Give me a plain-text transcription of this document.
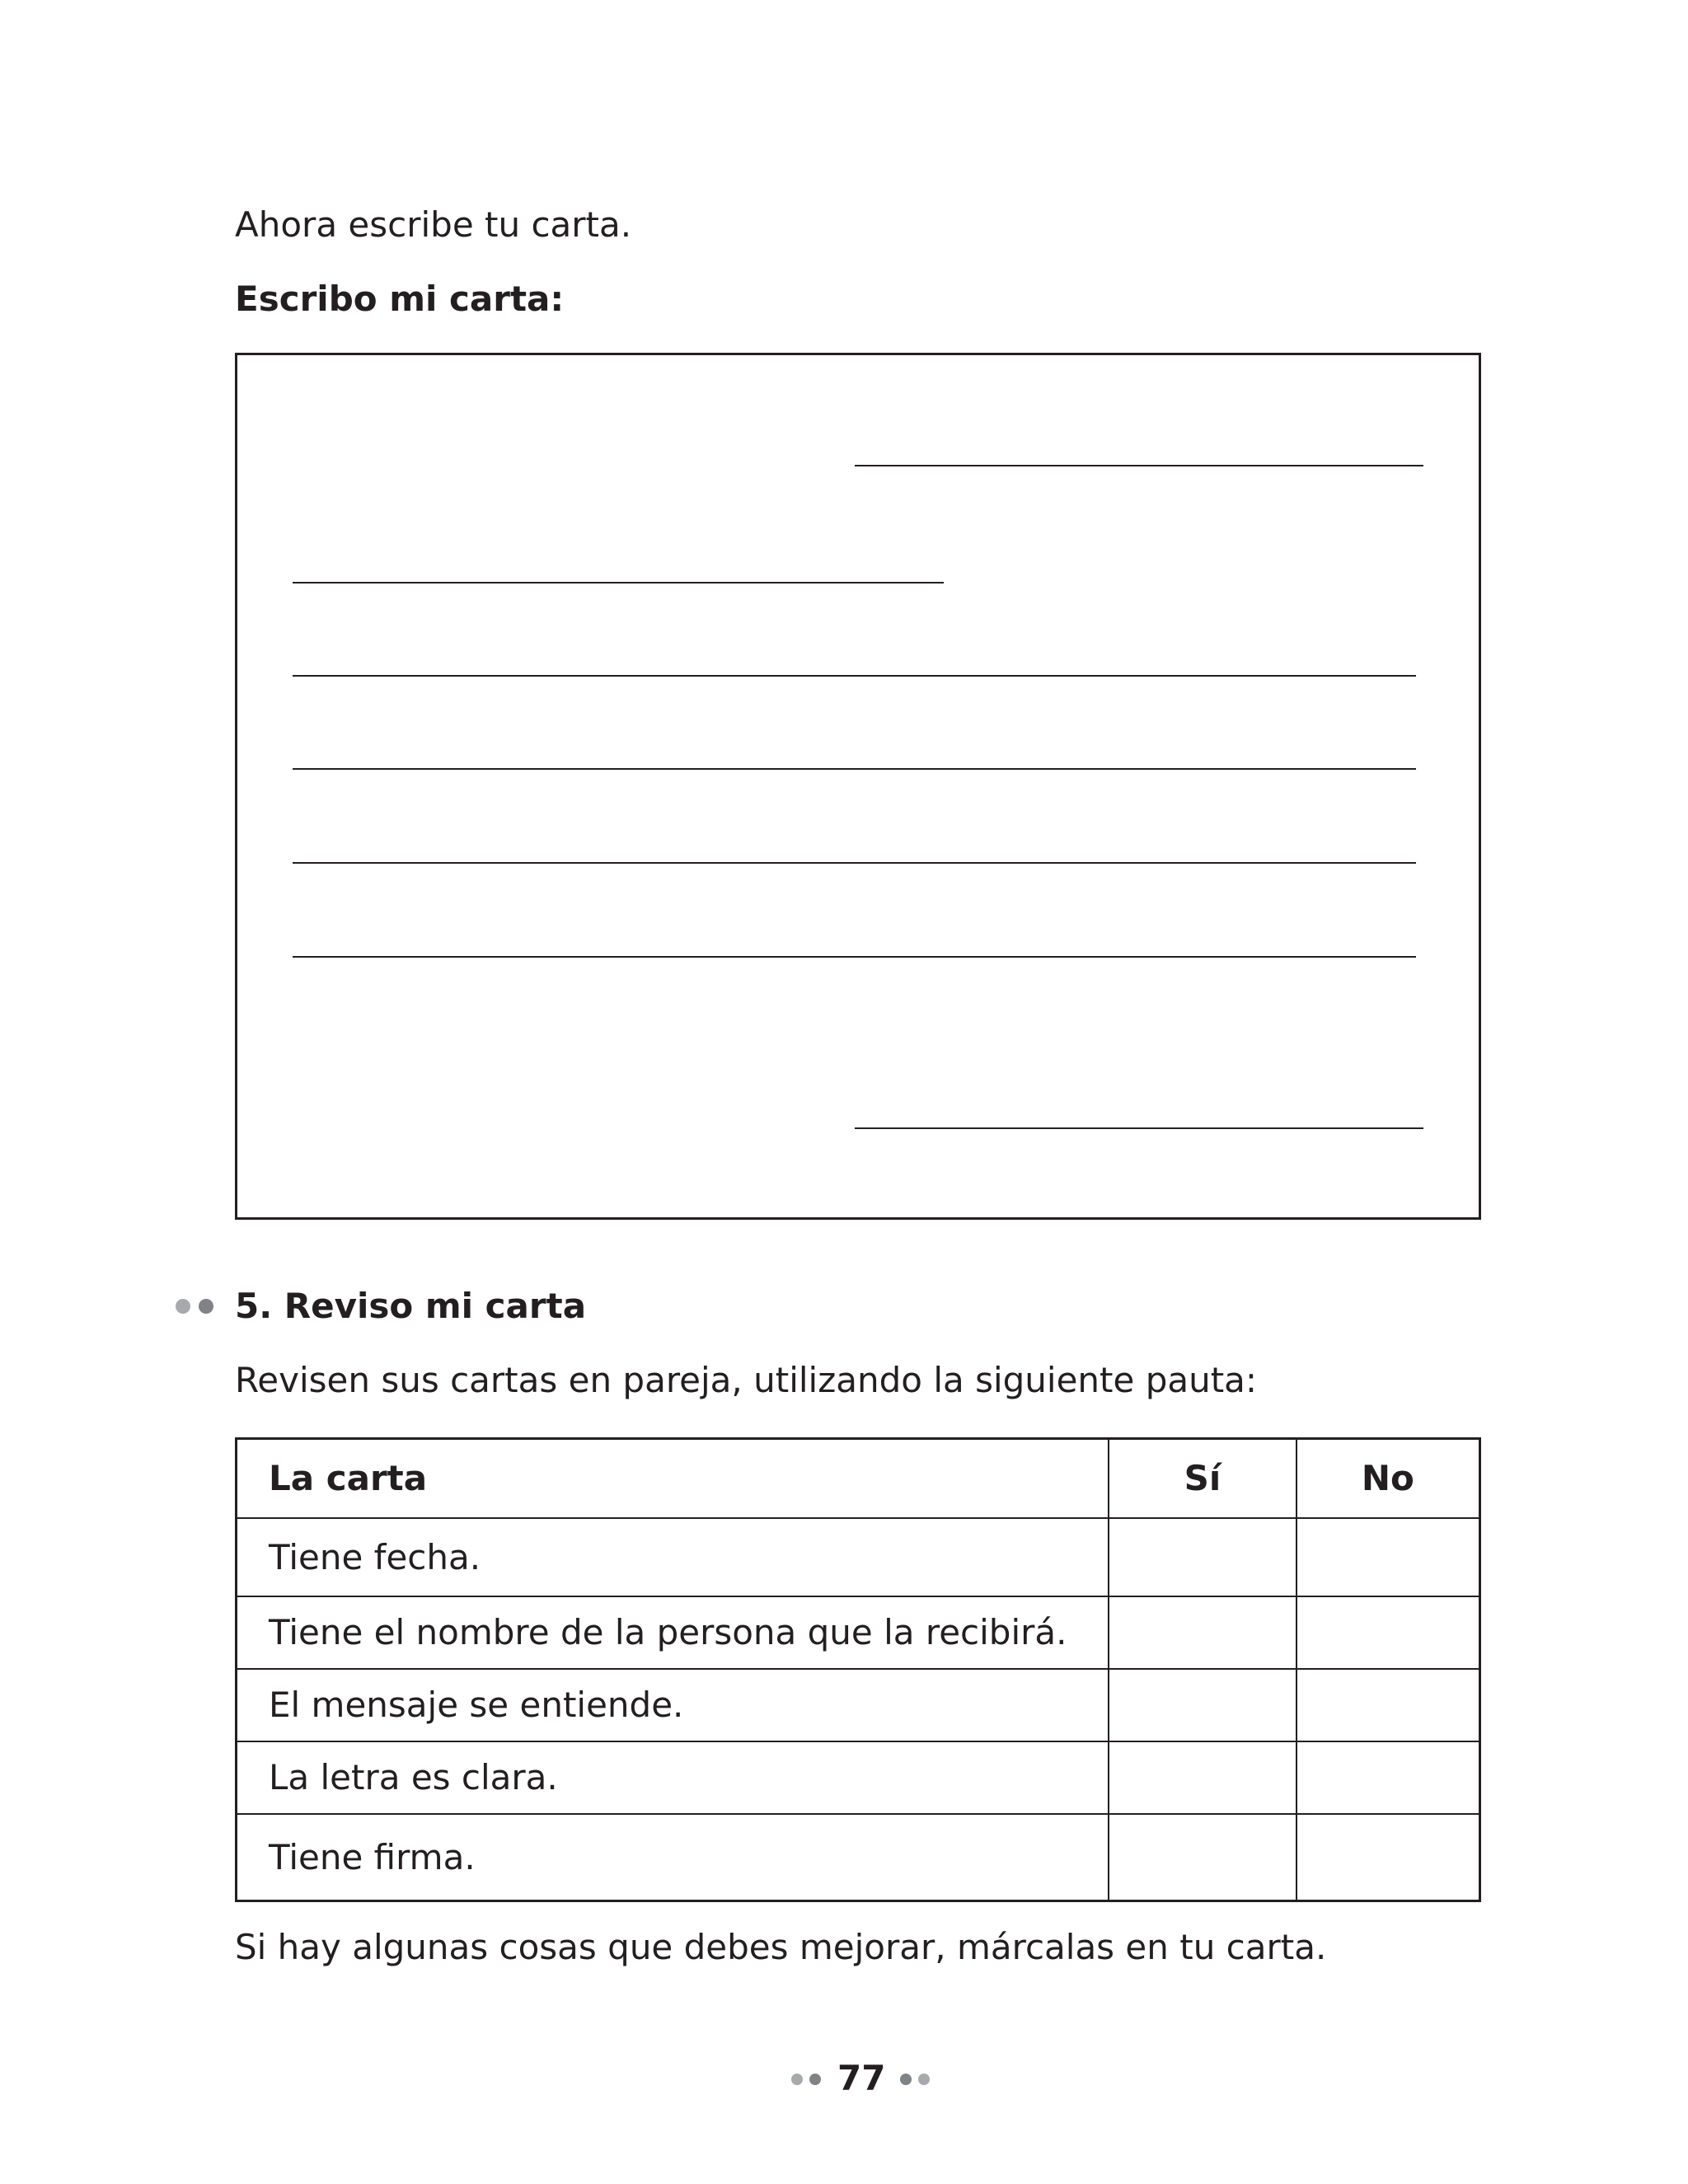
Ahora escribe tu carta.
Escribo mi carta:
5. Reviso mi carta
Revisen sus cartas en pareja, utilizando la siguiente pauta:
La carta	Sí	No
Tiene fecha.		
Tiene el nombre de la persona que la recibirá.		
El mensaje se entiende.		
La letra es clara.		
Tiene firma.		
Si hay algunas cosas que debes mejorar, márcalas en tu carta.
77
